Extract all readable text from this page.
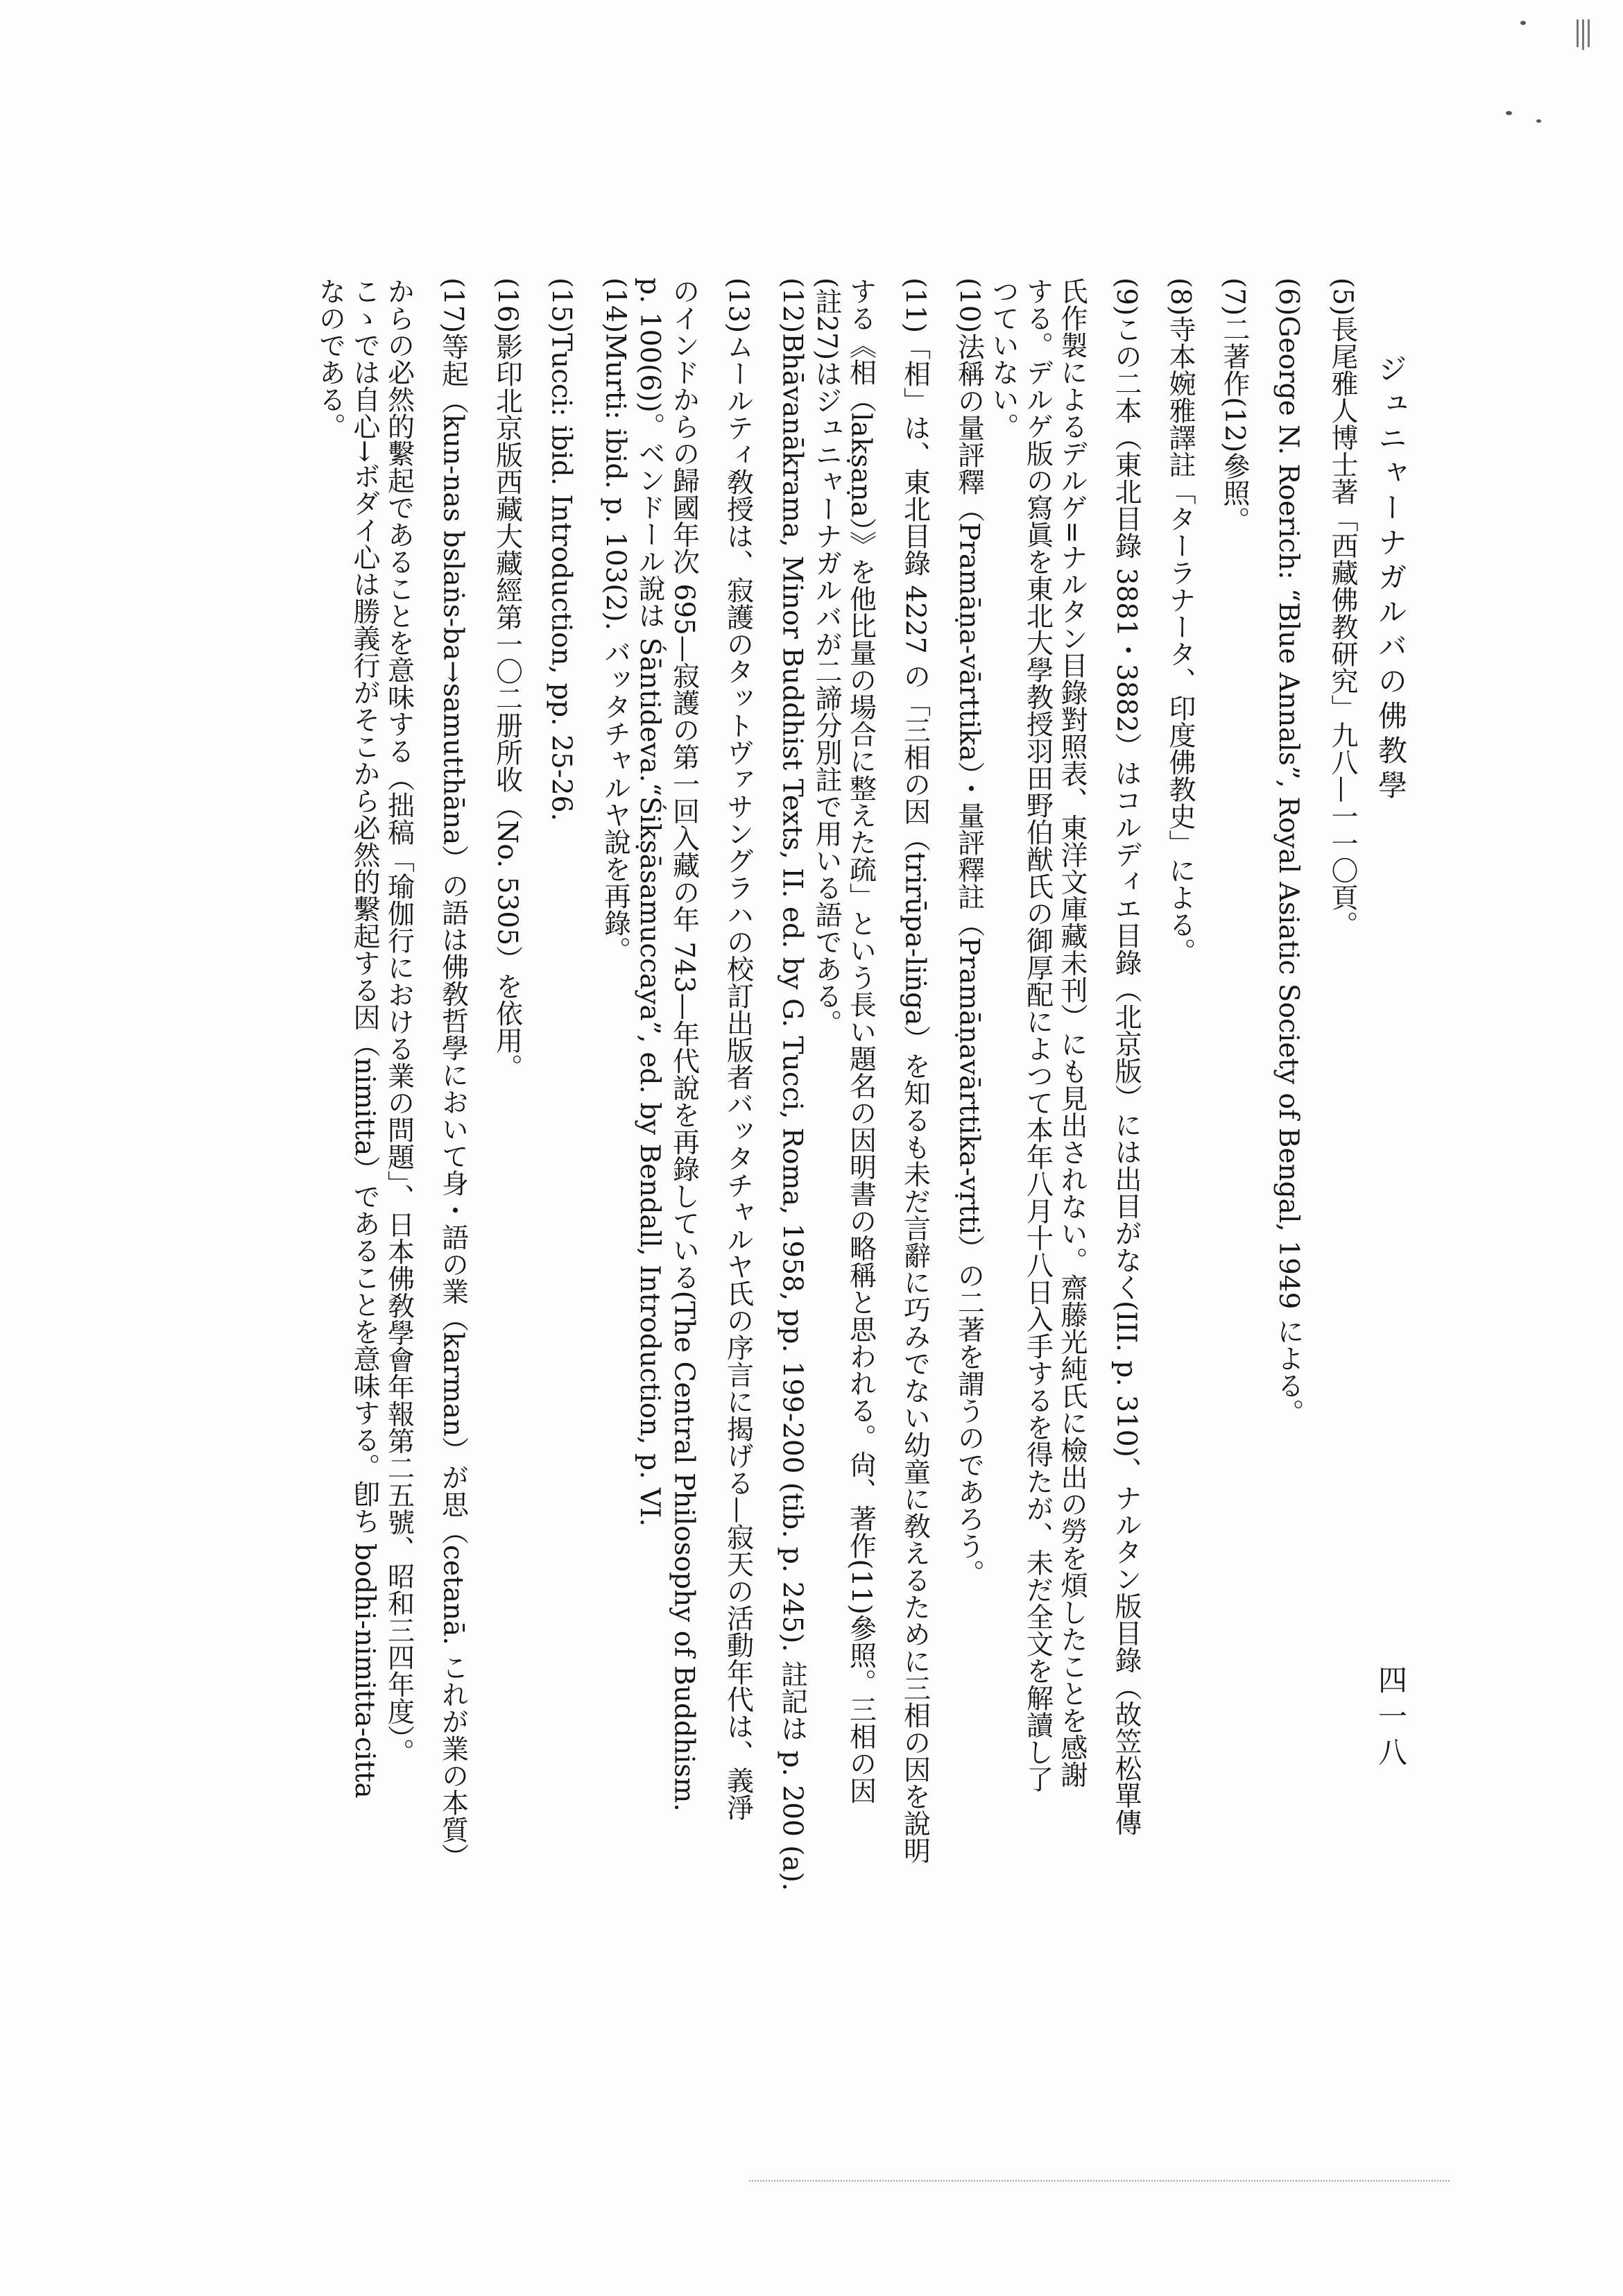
ジュニャーナガルバの佛教學
四一八
(5)長尾雅人博士著「西藏佛教研究」九八—一一〇頁。
(6)George N. Roerich: “Blue Annals”, Royal Asiatic Society of Bengal, 1949 による。
(7)二著作(12)參照。
(8)寺本婉雅譯註「ターラナータ、印度佛教史」による。
(9)この二本（東北目錄 3881・3882）はコルディエ目錄（北京版）には出目がなく(III. p. 310)、ナルタン版目錄（故笠松單傳
氏作製によるデルゲ=ナルタン目錄對照表、東洋文庫藏未刊）にも見出されない。齋藤光純氏に檢出の勞を煩したことを感謝
する。デルゲ版の寫眞を東北大學教授羽田野伯猷氏の御厚配によつて本年八月十八日入手するを得たが、未だ全文を解讀し了
つていない。
(10)法稱の量評釋（Pramāṇa-vārttika）・量評釋註（Pramāṇavārttika-vṛtti）の二著を謂うのであろう。
(11)「相」は、東北目錄 4227 の「三相の因（trirūpa-liṅga）を知るも未だ言辭に巧みでない幼童に敎えるために三相の因を說明
する《相（lakṣaṇa）》を他比量の場合に整えた疏」という長い題名の因明書の略稱と思われる。尙、著作(11)參照。三相の因
(註27)はジュニャーナガルバが二諦分別註で用いる語である。
(12)Bhāvanākrama, Minor Buddhist Texts, II. ed. by G. Tucci, Roma, 1958, pp. 199-200 (tib. p. 245). 註記は p. 200 (a).
(13)ムールティ敎授は、寂護のタットヴァサングラハの校訂出版者バッタチャルヤ氏の序言に揭げる—寂天の活動年代は、義淨
のインドからの歸國年次 695—寂護の第一回入藏の年 743—年代說を再錄している(The Central Philosophy of Buddhism.
p. 100(6))。ベンドール說は Śāntideva.“Śikṣāsamuccaya”, ed. by Bendall, Introduction, p. VI.
(14)Murti: ibid. p. 103(2). バッタチャルヤ說を再錄。
(15)Tucci: ibid. Introduction, pp. 25-26.
(16)影印北京版西藏大藏經第一〇二册所收（No. 5305）を依用。
(17)等起（kun-nas bslaṅs-ba→samutthāna）の語は佛敎哲學において身・語の業（karman）が思（cetanā. これが業の本質）
からの必然的繫起であることを意味する（拙稿「瑜伽行における業の問題」、日本佛敎學會年報第二五號、昭和三四年度）。
こゝでは自心→ボダイ心は勝義行がそこから必然的繫起する因（nimitta）であることを意味する。卽ち bodhi-nimitta-citta
なのである。
